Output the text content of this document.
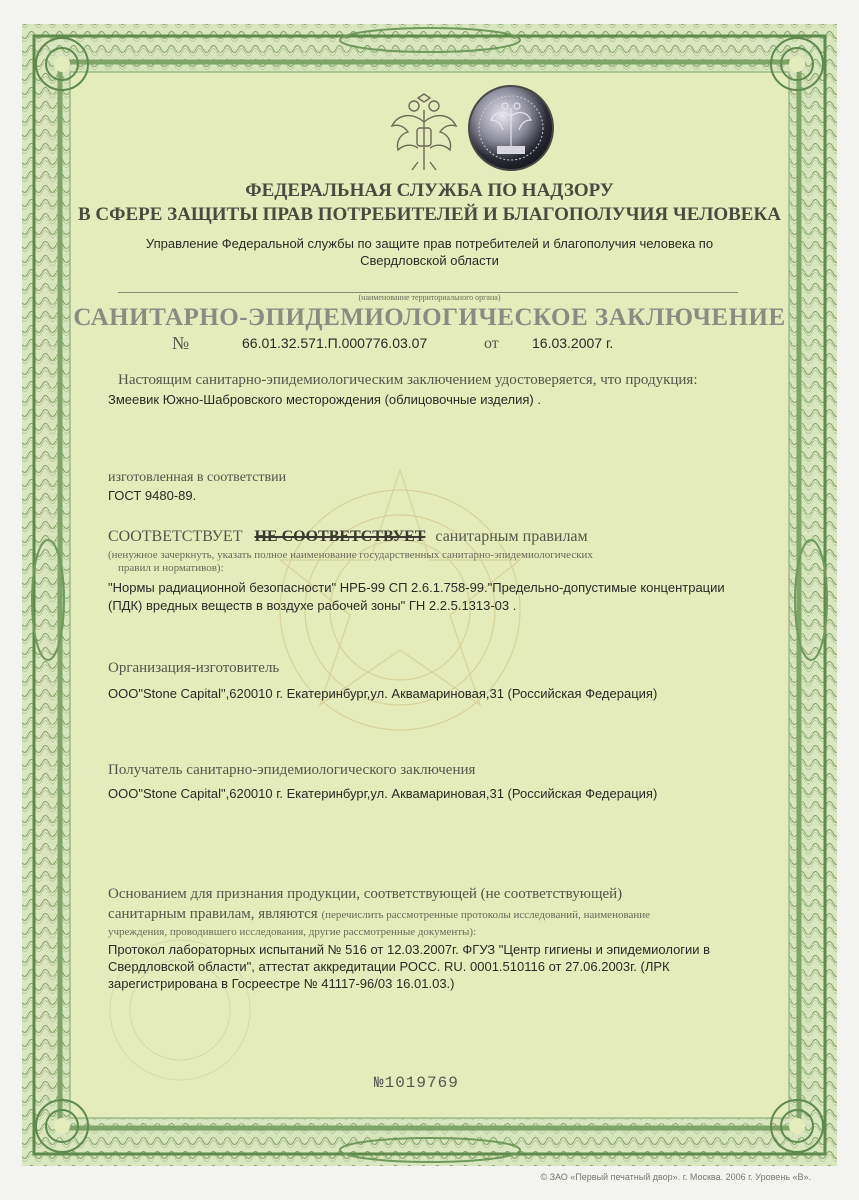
ФЕДЕРАЛЬНАЯ СЛУЖБА ПО НАДЗОРУ
В СФЕРЕ ЗАЩИТЫ ПРАВ ПОТРЕБИТЕЛЕЙ И БЛАГОПОЛУЧИЯ ЧЕЛОВЕКА
Управление Федеральной службы по защите прав потребителей и благополучия человека по
Свердловской области
(наименование территориального органа)
САНИТАРНО-ЭПИДЕМИОЛОГИЧЕСКОЕ ЗАКЛЮЧЕНИЕ
№	66.01.32.571.П.000776.03.07	от 16.03.2007 г.
Настоящим санитарно-эпидемиологическим заключением удостоверяется, что продукция:
Змеевик Южно-Шабровского месторождения (облицовочные изделия) .
изготовленная в соответствии
ГОСТ 9480-89.
СООТВЕТСТВУЕТ НЕ СООТВЕТСТВУЕТ санитарным правилам
(ненужное зачеркнуть, указать полное наименование государственных санитарно-эпидемиологических
правил и нормативов):
"Нормы радиационной безопасности" НРБ-99 СП 2.6.1.758-99."Предельно-допустимые концентрации
(ПДК) вредных веществ в воздухе рабочей зоны" ГН 2.2.5.1313-03 .
Организация-изготовитель
ООО"Stone Capital",620010 г. Екатеринбург,ул. Аквамариновая,31 (Российская Федерация)
Получатель санитарно-эпидемиологического заключения
ООО"Stone Capital",620010 г. Екатеринбург,ул. Аквамариновая,31 (Российская Федерация)
Основанием для признания продукции, соответствующей (не соответствующей)
санитарным правилам, являются (перечислить рассмотренные протоколы исследований, наименование
учреждения, проводившего исследования, другие рассмотренные документы):
Протокол лабораторных испытаний № 516 от 12.03.2007г. ФГУЗ "Центр гигиены и эпидемиологии в
Свердловской области", аттестат аккредитации РОСС. RU. 0001.510116 от 27.06.2003г. (ЛРК
зарегистрирована в Госреестре № 41117-96/03 16.01.03.)
№1019769
© ЗАО «Первый печатный двор». г. Москва. 2006 г. Уровень «В».
